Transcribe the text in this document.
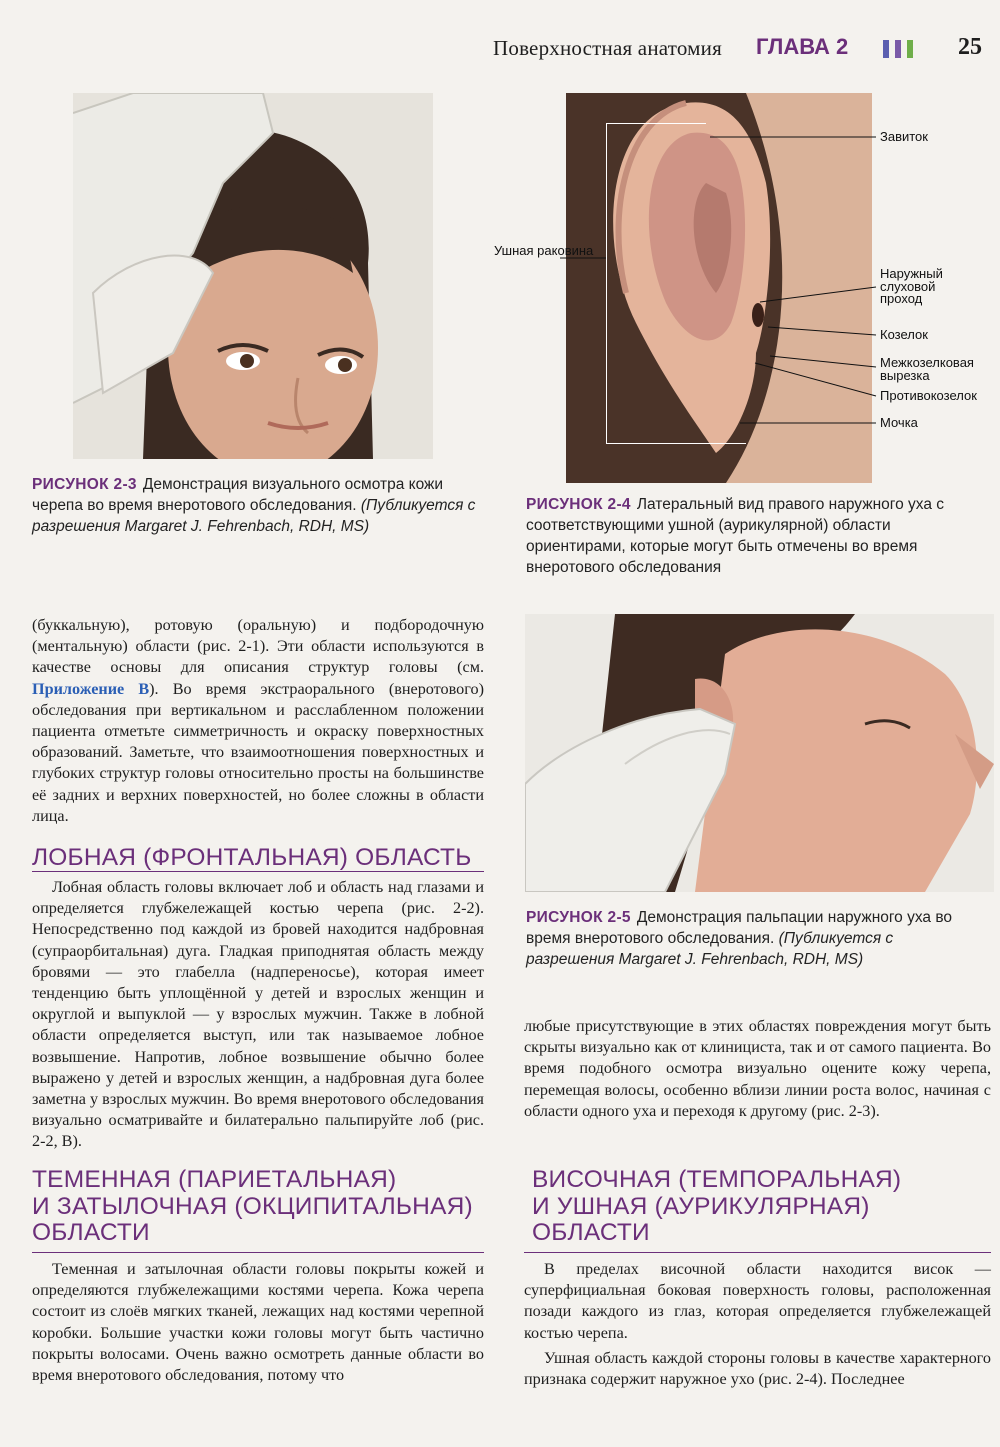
Поверхностная анатомия ГЛАВА 2	25
Ушная раковина
Завиток
Наружный слуховой проход
Козелок
Межкозелковая вырезка
Противокозелок
Мочка
РИСУНОК 2-3 Демонстрация визуального осмотра кожи черепа во время внеротового обследования. (Публикуется с разрешения Margaret J. Fehrenbach, RDH, MS)
РИСУНОК 2-4 Латеральный вид правого наружного уха с соответствующими ушной (аурикулярной) области ориентирами, которые могут быть отмечены во время внеротового обследования
РИСУНОК 2-5 Демонстрация пальпации наружного уха во время внеротового обследования. (Публикуется с разрешения Margaret J. Fehrenbach, RDH, MS)

(буккальную), ротовую (оральную) и подбородочную (ментальную) области (рис. 2-1). Эти области используются в качестве основы для описания структур головы (см. Приложение В). Во время экстраорального (внеротового) обследования при вертикальном и расслабленном положении пациента отметьте симметричность и окраску поверхностных образований. Заметьте, что взаимоотношения поверхностных и глубоких структур головы относительно просты на большинстве её задних и верхних поверхностей, но более сложны в области лица.

ЛОБНАЯ (ФРОНТАЛЬНАЯ) ОБЛАСТЬ

Лобная область головы включает лоб и область над глазами и определяется глубжележащей костью черепа (рис. 2-2). Непосредственно под каждой из бровей находится надбровная (супраорбитальная) дуга. Гладкая приподнятая область между бровями — это глабелла (надпереносье), которая имеет тенденцию быть уплощённой у детей и взрослых женщин и округлой и выпуклой — у взрослых мужчин. Также в лобной области определяется выступ, или так называемое лобное возвышение. Напротив, лобное возвышение обычно более выражено у детей и взрослых женщин, а надбровная дуга более заметна у взрослых мужчин. Во время внеротового обследования визуально осматривайте и билатерально пальпируйте лоб (рис. 2-2, В).

ТЕМЕННАЯ (ПАРИЕТАЛЬНАЯ)
И ЗАТЫЛОЧНАЯ (ОКЦИПИТАЛЬНАЯ)
ОБЛАСТИ

Теменная и затылочная области головы покрыты кожей и определяются глубжележащими костями черепа. Кожа черепа состоит из слоёв мягких тканей, лежащих над костями черепной коробки. Большие участки кожи головы могут быть частично покрыты волосами. Очень важно осмотреть данные области во время внеротового обследования, потому что

любые присутствующие в этих областях повреждения могут быть скрыты визуально как от клинициста, так и от самого пациента. Во время подобного осмотра визуально оцените кожу черепа, перемещая волосы, особенно вблизи линии роста волос, начиная с области одного уха и переходя к другому (рис. 2-3).

ВИСОЧНАЯ (ТЕМПОРАЛЬНАЯ)
И УШНАЯ (АУРИКУЛЯРНАЯ)
ОБЛАСТИ

В пределах височной области находится висок — суперфициальная боковая поверхность головы, расположенная позади каждого из глаз, которая определяется глубжележащей костью черепа.

Ушная область каждой стороны головы в качестве характерного признака содержит наружное ухо (рис. 2-4). Последнее
